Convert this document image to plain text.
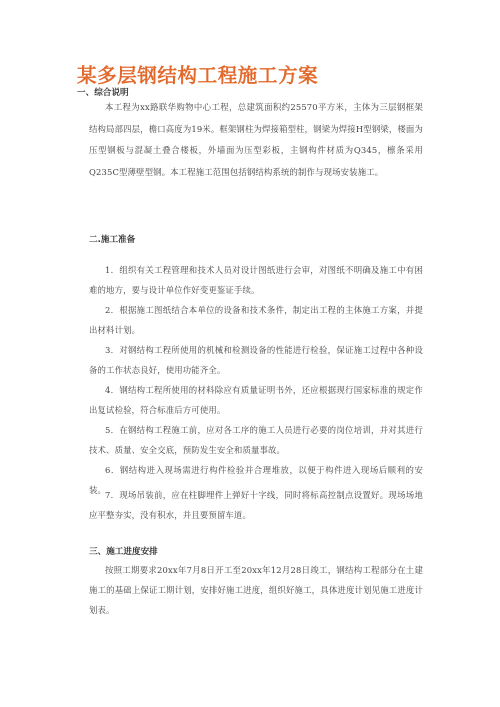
某多层钢结构工程施工方案
一、综合说明

本工程为xx路联华购物中心工程，总建筑面积约25570平方米，主体为三层钢框架结构局部四层，檐口高度为19米。框架钢柱为焊接箱型柱，钢梁为焊接H型钢梁，楼面为压型钢板与混凝土叠合楼板，外墙面为压型彩板，主钢构件材质为Q345，檩条采用Q235C型薄壁型钢。本工程施工范围包括钢结构系统的制作与现场安装施工。

二.施工准备

1．组织有关工程管理和技术人员对设计图纸进行会审，对图纸不明确及施工中有困难的地方，要与设计单位作好变更鉴证手续。

2．根据施工图纸结合本单位的设备和技术条件，制定出工程的主体施工方案，并提出材料计划。

3．对钢结构工程所使用的机械和检测设备的性能进行检验，保证施工过程中各种设备的工作状态良好，使用功能齐全。

4．钢结构工程所使用的材料除应有质量证明书外，还应根据现行国家标准的规定作出复试检验，符合标准后方可使用。

5．在钢结构工程施工前，应对各工序的施工人员进行必要的岗位培训，并对其进行技术、质量、安全交底，预防发生安全和质量事故。

6．钢结构进入现场需进行构件检验并合理堆放，以便于构件进入现场后顺利的安装。

7．现场吊装前，应在柱脚埋件上弹好十字线，同时将标高控制点设置好。现场场地应平整夯实，没有积水，并且要预留车道。

三、施工进度安排

按照工期要求20xx年7月8日开工至20xx年12月28日竣工，钢结构工程部分在土建施工的基础上保证工期计划，安排好施工进度，组织好施工，具体进度计划见施工进度计划表。
